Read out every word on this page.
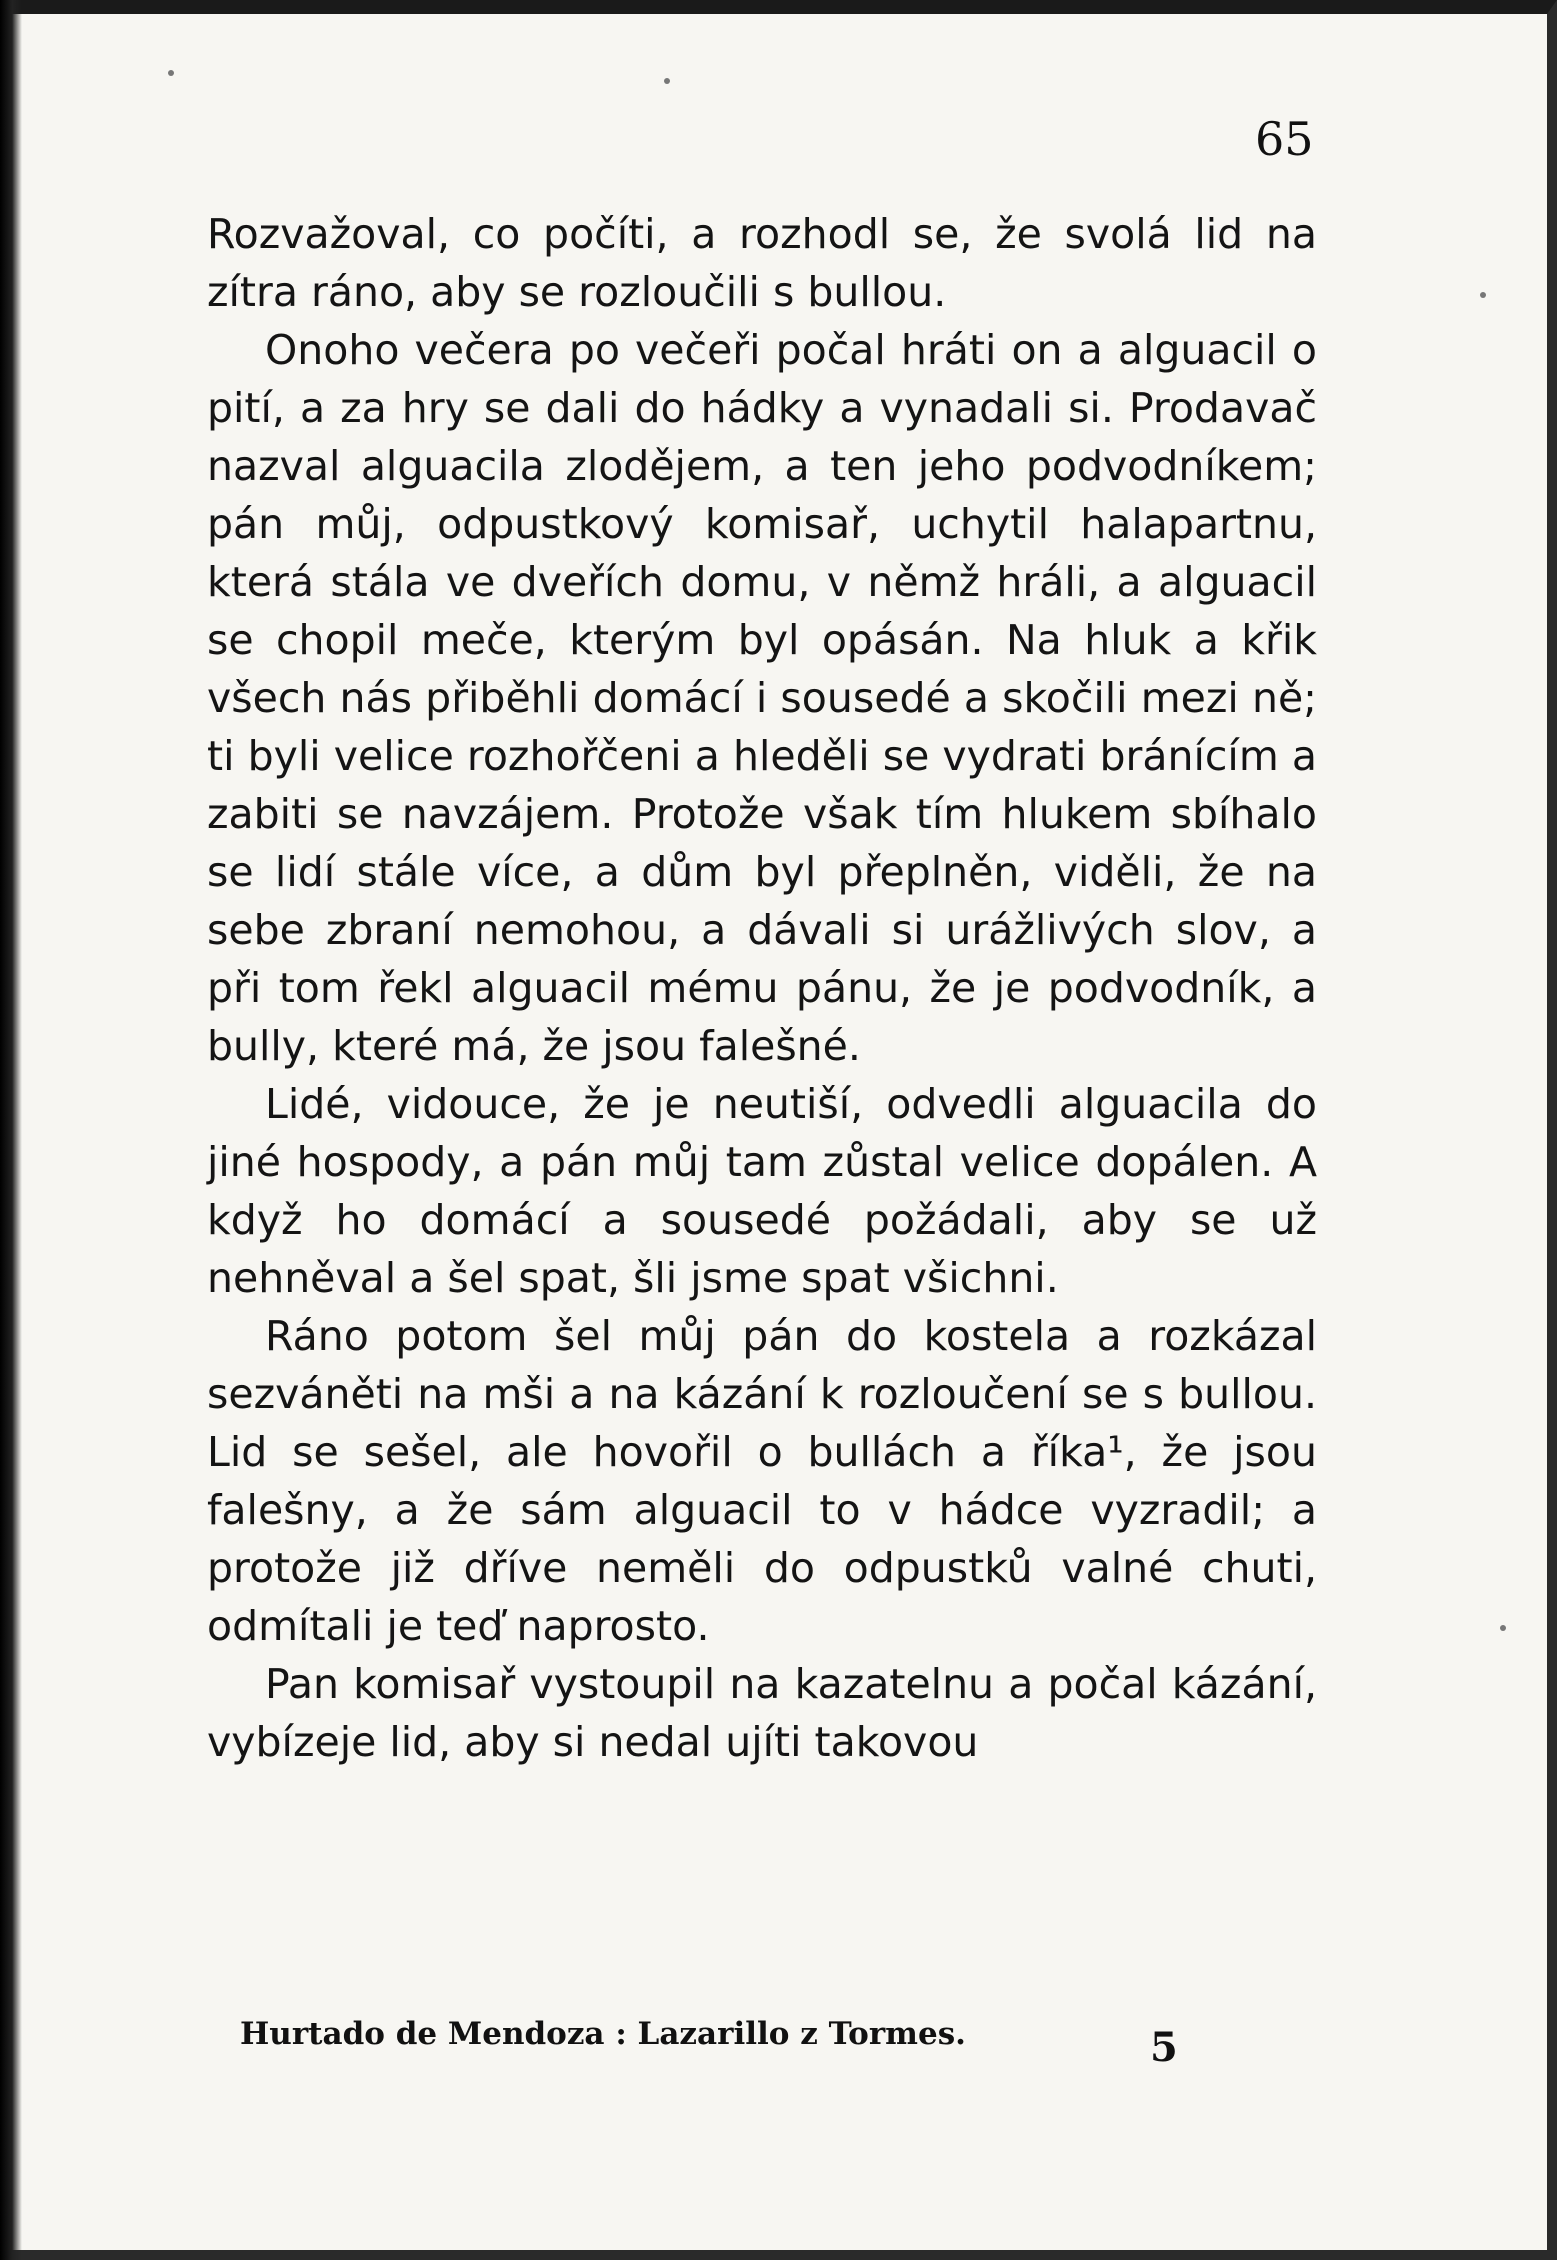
65

Rozvažoval, co počíti, a rozhodl se, že svolá lid na zítra ráno, aby se rozloučili s bullou.

Onoho večera po večeři počal hráti on a alguacil o pití, a za hry se dali do hádky a vynadali si. Prodavač nazval alguacila zlodějem, a ten jeho podvodníkem; pán můj, odpustkový komisař, uchytil halapartnu, která stála ve dveřích domu, v němž hráli, a alguacil se chopil meče, kterým byl opásán. Na hluk a křik všech nás přiběhli domácí i sousedé a skočili mezi ně; ti byli velice rozhořčeni a hleděli se vydrati bránícím a zabiti se navzájem. Protože však tím hlukem sbíhalo se lidí stále více, a dům byl přeplněn, viděli, že na sebe zbraní nemohou, a dávali si urážlivých slov, a při tom řekl alguacil mému pánu, že je podvodník, a bully, které má, že jsou falešné.

Lidé, vidouce, že je neutiší, odvedli alguacila do jiné hospody, a pán můj tam zůstal velice dopálen. A když ho domácí a sousedé požádali, aby se už nehněval a šel spat, šli jsme spat všichni.

Ráno potom šel můj pán do kostela a rozkázal sezváněti na mši a na kázání k rozloučení se s bullou. Lid se sešel, ale hovořil o bullách a říka¹, že jsou falešny, a že sám alguacil to v hádce vyzradil; a protože již dříve neměli do odpustků valné chuti, odmítali je teď naprosto.

Pan komisař vystoupil na kazatelnu a počal kázání, vybízeje lid, aby si nedal ujíti takovou

Hurtado de Mendoza : Lazarillo z Tormes.	5
